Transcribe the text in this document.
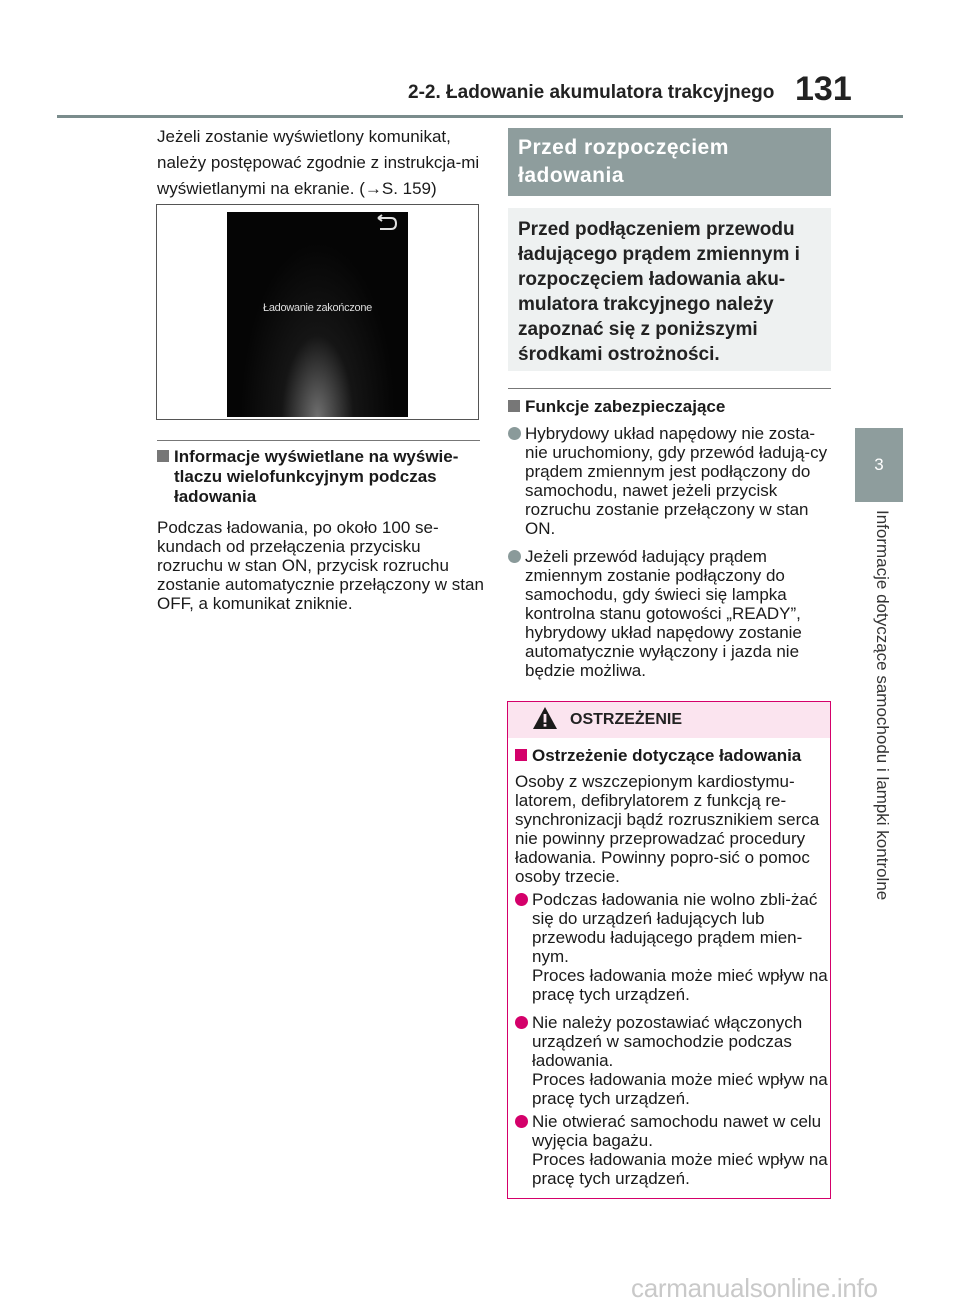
2-2. Ładowanie akumulatora trakcyjnego 131
3
Informacje dotyczące samochodu i lampki kontrolne
Jeżeli zostanie wyświetlony komunikat, należy postępować zgodnie z instrukcja-mi wyświetlanymi na ekranie. (→S. 159)
Ładowanie zakończone
Informacje wyświetlane na wyświe-tlaczu wielofunkcyjnym podczas ładowania
Podczas ładowania, po około 100 se-kundach od przełączenia przycisku rozruchu w stan ON, przycisk rozruchu zostanie automatycznie przełączony w stan OFF, a komunikat zniknie.
Przed rozpoczęciem ładowania
Przed podłączeniem przewodu ładującego prądem zmiennym i rozpoczęciem ładowania aku-mulatora trakcyjnego należy zapoznać się z poniższymi środkami ostrożności.
Funkcje zabezpieczające
Hybrydowy układ napędowy nie zosta-nie uruchomiony, gdy przewód ładują-cy prądem zmiennym jest podłączony do samochodu, nawet jeżeli przycisk rozruchu zostanie przełączony w stan ON.
Jeżeli przewód ładujący prądem zmiennym zostanie podłączony do samochodu, gdy świeci się lampka kontrolna stanu gotowości „READY”, hybrydowy układ napędowy zostanie automatycznie wyłączony i jazda nie będzie możliwa.
OSTRZEŻENIE
Ostrzeżenie dotyczące ładowania
Osoby z wszczepionym kardiostymu-latorem, defibrylatorem z funkcją re-synchronizacji bądź rozrusznikiem serca nie powinny przeprowadzać procedury ładowania. Powinny popro-sić o pomoc osoby trzecie.
Podczas ładowania nie wolno zbli-żać się do urządzeń ładujących lub przewodu ładującego prądem mien-nym.
Proces ładowania może mieć wpływ na pracę tych urządzeń.
Nie należy pozostawiać włączonych urządzeń w samochodzie podczas ładowania.
Proces ładowania może mieć wpływ na pracę tych urządzeń.
Nie otwierać samochodu nawet w celu wyjęcia bagażu.
Proces ładowania może mieć wpływ na pracę tych urządzeń.
carmanualsonline.info
